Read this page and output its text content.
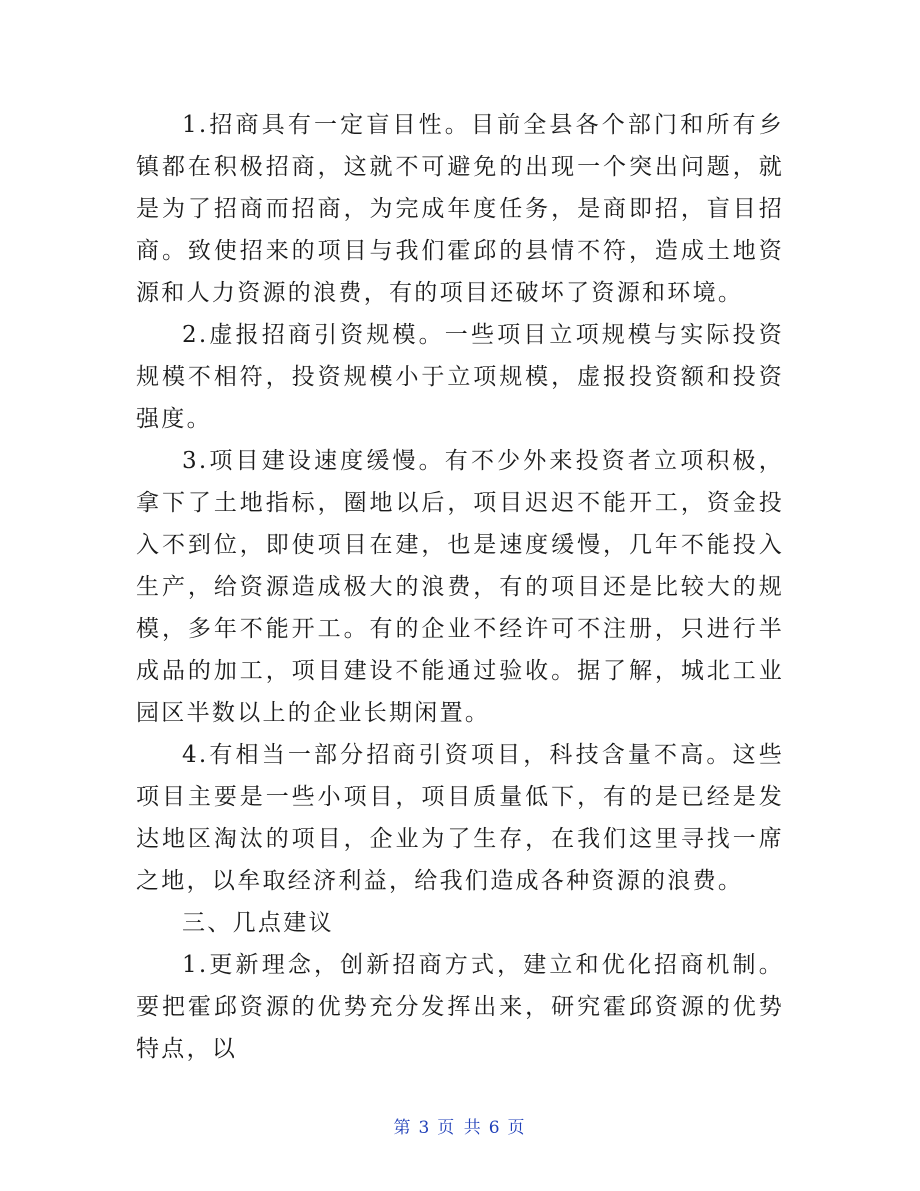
1.招商具有一定盲目性。目前全县各个部门和所有乡镇都在积极招商，这就不可避免的出现一个突出问题，就是为了招商而招商，为完成年度任务，是商即招，盲目招商。致使招来的项目与我们霍邱的县情不符，造成土地资源和人力资源的浪费，有的项目还破坏了资源和环境。

2.虚报招商引资规模。一些项目立项规模与实际投资规模不相符，投资规模小于立项规模，虚报投资额和投资强度。

3.项目建设速度缓慢。有不少外来投资者立项积极，拿下了土地指标，圈地以后，项目迟迟不能开工，资金投入不到位，即使项目在建，也是速度缓慢，几年不能投入生产，给资源造成极大的浪费，有的项目还是比较大的规模，多年不能开工。有的企业不经许可不注册，只进行半成品的加工，项目建设不能通过验收。据了解，城北工业园区半数以上的企业长期闲置。

4.有相当一部分招商引资项目，科技含量不高。这些项目主要是一些小项目，项目质量低下，有的是已经是发达地区淘汰的项目，企业为了生存，在我们这里寻找一席之地，以牟取经济利益，给我们造成各种资源的浪费。

三、几点建议

1.更新理念，创新招商方式，建立和优化招商机制。要把霍邱资源的优势充分发挥出来，研究霍邱资源的优势特点，以

第 3 页 共 6 页
